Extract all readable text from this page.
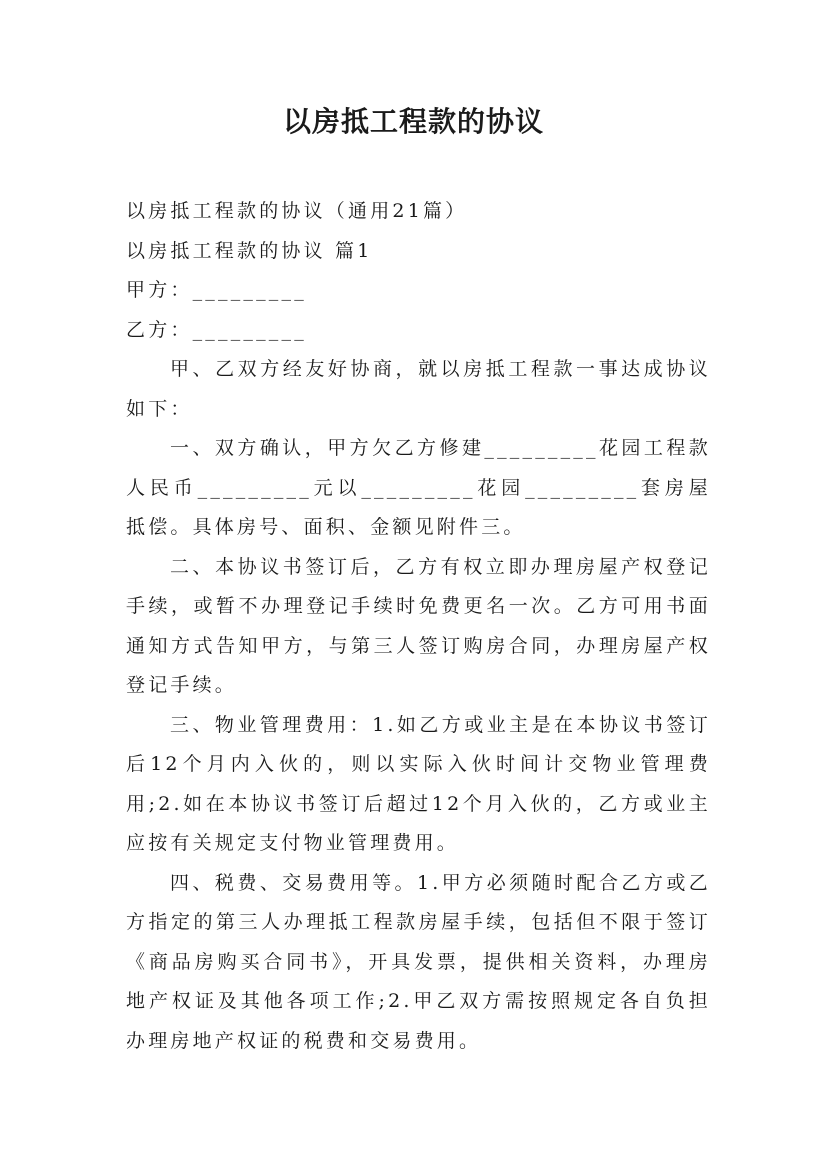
以房抵工程款的协议

以房抵工程款的协议（通用21篇）

以房抵工程款的协议 篇1

甲方：_________

乙方：_________

甲、乙双方经友好协商，就以房抵工程款一事达成协议如下：

一、双方确认，甲方欠乙方修建_________花园工程款人民币_________元以_________花园_________套房屋抵偿。具体房号、面积、金额见附件三。

二、本协议书签订后，乙方有权立即办理房屋产权登记手续，或暂不办理登记手续时免费更名一次。乙方可用书面通知方式告知甲方，与第三人签订购房合同，办理房屋产权登记手续。

三、物业管理费用：1.如乙方或业主是在本协议书签订后12个月内入伙的，则以实际入伙时间计交物业管理费用;2.如在本协议书签订后超过12个月入伙的，乙方或业主应按有关规定支付物业管理费用。

四、税费、交易费用等。1.甲方必须随时配合乙方或乙方指定的第三人办理抵工程款房屋手续，包括但不限于签订《商品房购买合同书》，开具发票，提供相关资料，办理房地产权证及其他各项工作;2.甲乙双方需按照规定各自负担办理房地产权证的税费和交易费用。
